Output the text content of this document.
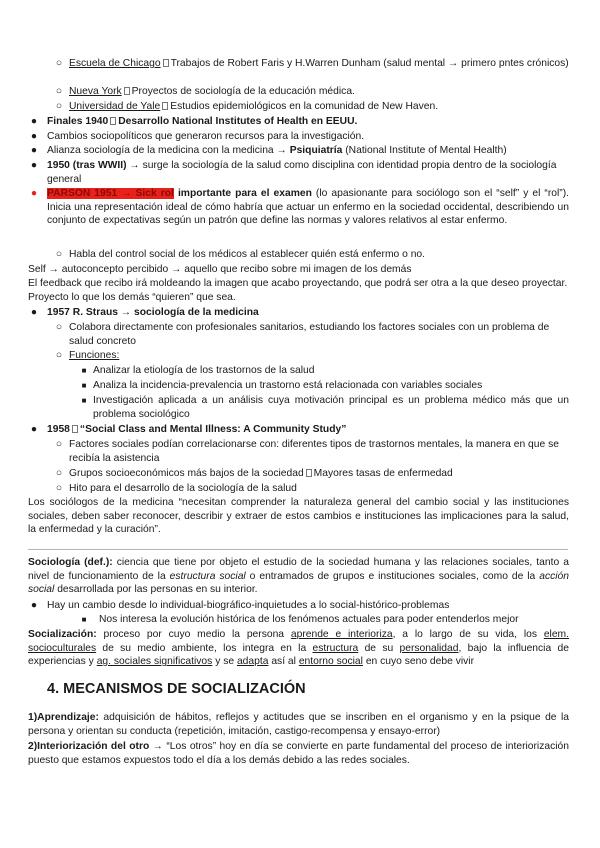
○ Escuela de Chicago Trabajos de Robert Faris y H.Warren Dunham (salud mental → primero pntes crónicos)
○ Nueva York Proyectos de sociología de la educación médica.
○ Universidad de Yale Estudios epidemiológicos en la comunidad de New Haven.
● Finales 1940 Desarrollo National Institutes of Health en EEUU.
● Cambios sociopolíticos que generaron recursos para la investigación.
● Alianza sociología de la medicina con la medicina → Psiquiatría (National Institute of Mental Health)
● 1950 (tras WWII) → surge la sociología de la salud como disciplina con identidad propia dentro de la sociología general
● PARSON 1951 → Sick rol importante para el examen (lo apasionante para sociólogo son el “self” y el “rol”). Inicia una representación ideal de cómo habría que actuar un enfermo en la sociedad occidental, describiendo un conjunto de expectativas según un patrón que define las normas y valores relativos al estar enfermo.
○ Habla del control social de los médicos al establecer quién está enfermo o no.
Self → autoconcepto percibido → aquello que recibo sobre mi imagen de los demás
El feedback que recibo irá moldeando la imagen que acabo proyectando, que podrá ser otra a la que deseo proyectar. Proyecto lo que los demás “quieren” que sea.
● 1957 R. Straus → sociología de la medicina
○ Colabora directamente con profesionales sanitarios, estudiando los factores sociales con un problema de salud concreto
○ Funciones:
■ Analizar la etiología de los trastornos de la salud
■ Analiza la incidencia-prevalencia un trastorno está relacionada con variables sociales
■ Investigación aplicada a un análisis cuya motivación principal es un problema médico más que un problema sociológico
● 1958 “Social Class and Mental Illness: A Community Study”
○ Factores sociales podían correlacionarse con: diferentes tipos de trastornos mentales, la manera en que se recibía la asistencia
○ Grupos socioeconómicos más bajos de la sociedad Mayores tasas de enfermedad
○ Hito para el desarrollo de la sociología de la salud
Los sociólogos de la medicina “necesitan comprender la naturaleza general del cambio social y las instituciones sociales, deben saber reconocer, describir y extraer de estos cambios e instituciones las implicaciones para la salud, la enfermedad y la curación”.
Sociología (def.): ciencia que tiene por objeto el estudio de la sociedad humana y las relaciones sociales, tanto a nivel de funcionamiento de la estructura social o entramados de grupos e instituciones sociales, como de la acción social desarrollada por las personas en su interior.
● Hay un cambio desde lo individual-biográfico-inquietudes a lo social-histórico-problemas
■	Nos interesa la evolución histórica de los fenómenos actuales para poder entenderlos mejor
Socialización: proceso por cuyo medio la persona aprende e interioriza, a lo largo de su vida, los elem. socioculturales de su medio ambiente, los integra en la estructura de su personalidad, bajo la influencia de experiencias y ag. sociales significativos y se adapta así al entorno social en cuyo seno debe vivir
4. MECANISMOS DE SOCIALIZACIÓN
1)Aprendizaje: adquisición de hábitos, reflejos y actitudes que se inscriben en el organismo y en la psique de la persona y orientan su conducta (repetición, imitación, castigo-recompensa y ensayo-error)
2)Interiorización del otro → “Los otros” hoy en día se convierte en parte fundamental del proceso de interiorización puesto que estamos expuestos todo el día a los demás debido a las redes sociales.
